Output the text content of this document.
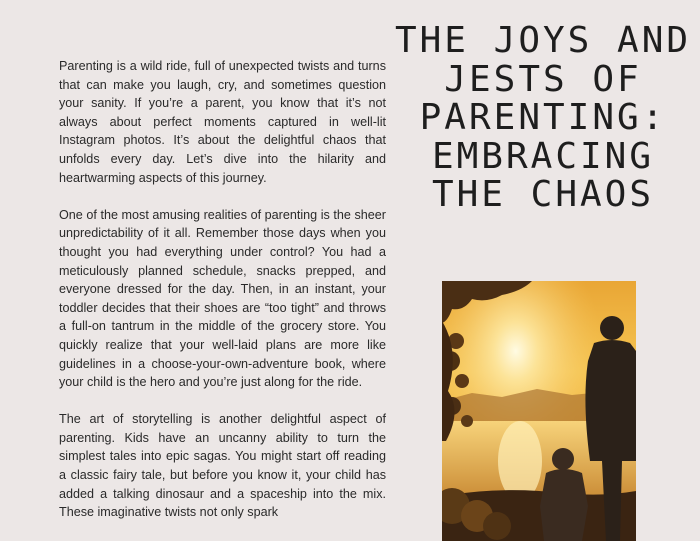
Parenting is a wild ride, full of unexpected twists and turns that can make you laugh, cry, and sometimes question your sanity. If you’re a parent, you know that it’s not always about perfect moments captured in well-lit Instagram photos. It’s about the delightful chaos that unfolds every day. Let’s dive into the hilarity and heartwarming aspects of this journey.

One of the most amusing realities of parenting is the sheer unpredictability of it all. Remember those days when you thought you had everything under control? You had a meticulously planned schedule, snacks prepped, and everyone dressed for the day. Then, in an instant, your toddler decides that their shoes are “too tight” and throws a full-on tantrum in the middle of the grocery store. You quickly realize that your well-laid plans are more like guidelines in a choose-your-own-adventure book, where your child is the hero and you’re just along for the ride.

The art of storytelling is another delightful aspect of parenting. Kids have an uncanny ability to turn the simplest tales into epic sagas. You might start off reading a classic fairy tale, but before you know it, your child has added a talking dinosaur and a spaceship into the mix. These imaginative twists not only spark

THE JOYS AND JESTS OF PARENTING: EMBRACING THE CHAOS
